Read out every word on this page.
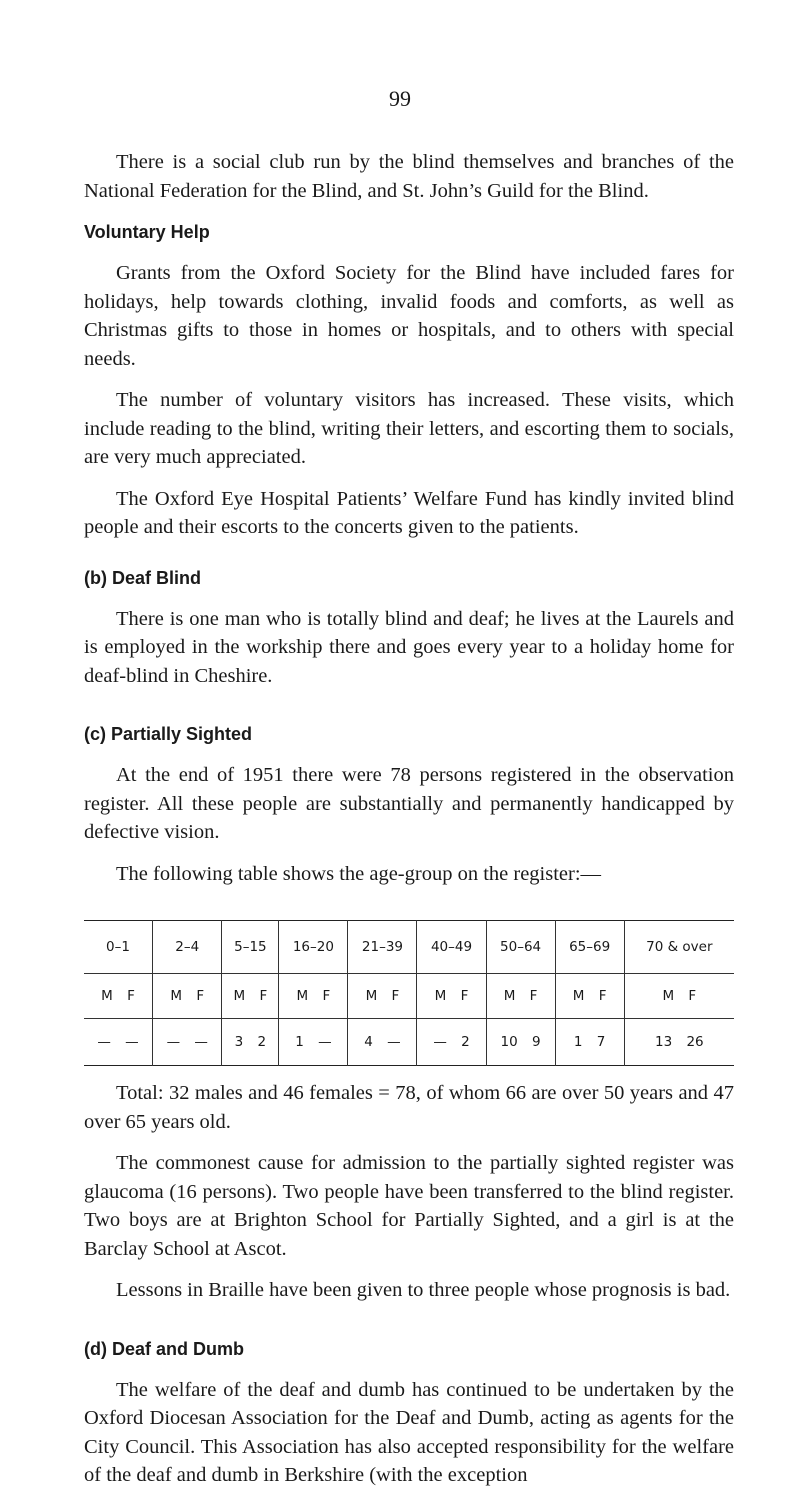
99

There is a social club run by the blind themselves and branches of the National Federation for the Blind, and St. John’s Guild for the Blind.

Voluntary Help

Grants from the Oxford Society for the Blind have included fares for holidays, help towards clothing, invalid foods and comforts, as well as Christmas gifts to those in homes or hospitals, and to others with special needs.

The number of voluntary visitors has increased. These visits, which include reading to the blind, writing their letters, and escorting them to socials, are very much appreciated.

The Oxford Eye Hospital Patients’ Welfare Fund has kindly invited blind people and their escorts to the concerts given to the patients.

(b) Deaf Blind

There is one man who is totally blind and deaf; he lives at the Laurels and is employed in the workship there and goes every year to a holiday home for deaf-blind in Cheshire.

(c) Partially Sighted

At the end of 1951 there were 78 persons registered in the observation register. All these people are substantially and permanently handicapped by defective vision.

The following table shows the age-group on the register:—

0–1	2–4	5–15	16–20	21–39	40–49	50–64	65–69	70 & over
M F	M F	M F	M F	M F	M F	M F	M F	M F
— —	— —	3 2	1 —	4 —	— 2	10 9	1 7	13 26

Total: 32 males and 46 females = 78, of whom 66 are over 50 years and 47 over 65 years old.

The commonest cause for admission to the partially sighted register was glaucoma (16 persons). Two people have been transferred to the blind register. Two boys are at Brighton School for Partially Sighted, and a girl is at the Barclay School at Ascot.

Lessons in Braille have been given to three people whose prognosis is bad.

(d) Deaf and Dumb

The welfare of the deaf and dumb has continued to be undertaken by the Oxford Diocesan Association for the Deaf and Dumb, acting as agents for the City Council. This Association has also accepted responsibility for the welfare of the deaf and dumb in Berkshire (with the exception
